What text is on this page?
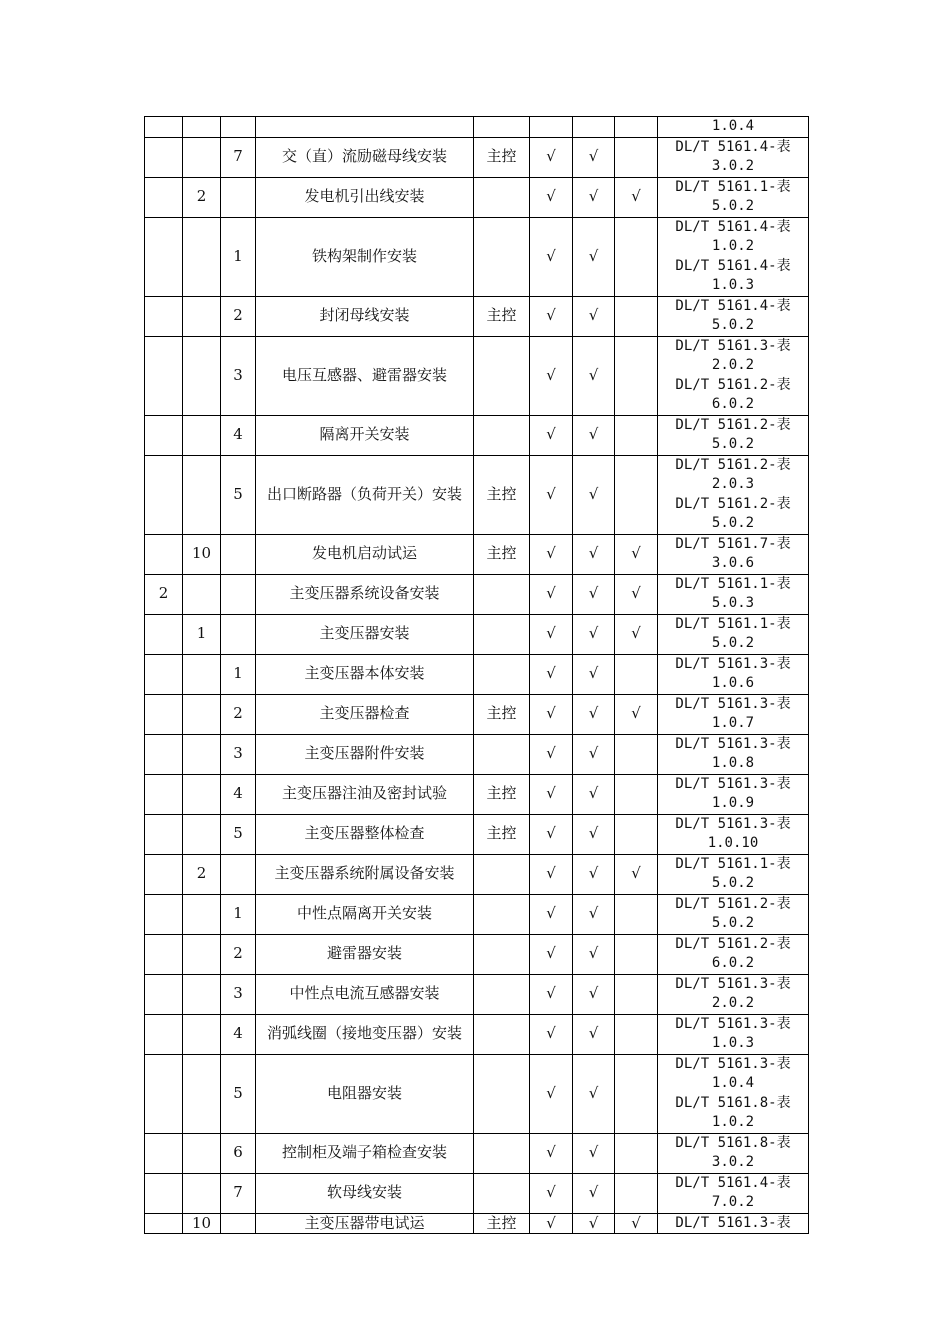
								1.0.4
		7	交（直）流励磁母线安装	主控	√	√		DL/T 5161.4-表
3.0.2
	2		发电机引出线安装		√	√	√	DL/T 5161.1-表
5.0.2
		1	铁构架制作安装		√	√		DL/T 5161.4-表
1.0.2
DL/T 5161.4-表
1.0.3
		2	封闭母线安装	主控	√	√		DL/T 5161.4-表
5.0.2
		3	电压互感器、避雷器安装		√	√		DL/T 5161.3-表
2.0.2
DL/T 5161.2-表
6.0.2
		4	隔离开关安装		√	√		DL/T 5161.2-表
5.0.2
		5	出口断路器（负荷开关）安装	主控	√	√		DL/T 5161.2-表
2.0.3
DL/T 5161.2-表
5.0.2
	10		发电机启动试运	主控	√	√	√	DL/T 5161.7-表
3.0.6
2			主变压器系统设备安装		√	√	√	DL/T 5161.1-表
5.0.3
	1		主变压器安装		√	√	√	DL/T 5161.1-表
5.0.2
		1	主变压器本体安装		√	√		DL/T 5161.3-表
1.0.6
		2	主变压器检查	主控	√	√	√	DL/T 5161.3-表
1.0.7
		3	主变压器附件安装		√	√		DL/T 5161.3-表
1.0.8
		4	主变压器注油及密封试验	主控	√	√		DL/T 5161.3-表
1.0.9
		5	主变压器整体检查	主控	√	√		DL/T 5161.3-表
1.0.10
	2		主变压器系统附属设备安装		√	√	√	DL/T 5161.1-表
5.0.2
		1	中性点隔离开关安装		√	√		DL/T 5161.2-表
5.0.2
		2	避雷器安装		√	√		DL/T 5161.2-表
6.0.2
		3	中性点电流互感器安装		√	√		DL/T 5161.3-表
2.0.2
		4	消弧线圈（接地变压器）安装		√	√		DL/T 5161.3-表
1.0.3
		5	电阻器安装		√	√		DL/T 5161.3-表
1.0.4
DL/T 5161.8-表
1.0.2
		6	控制柜及端子箱检查安装		√	√		DL/T 5161.8-表
3.0.2
		7	软母线安装		√	√		DL/T 5161.4-表
7.0.2
	10		主变压器带电试运	主控	√	√	√	DL/T 5161.3-表
